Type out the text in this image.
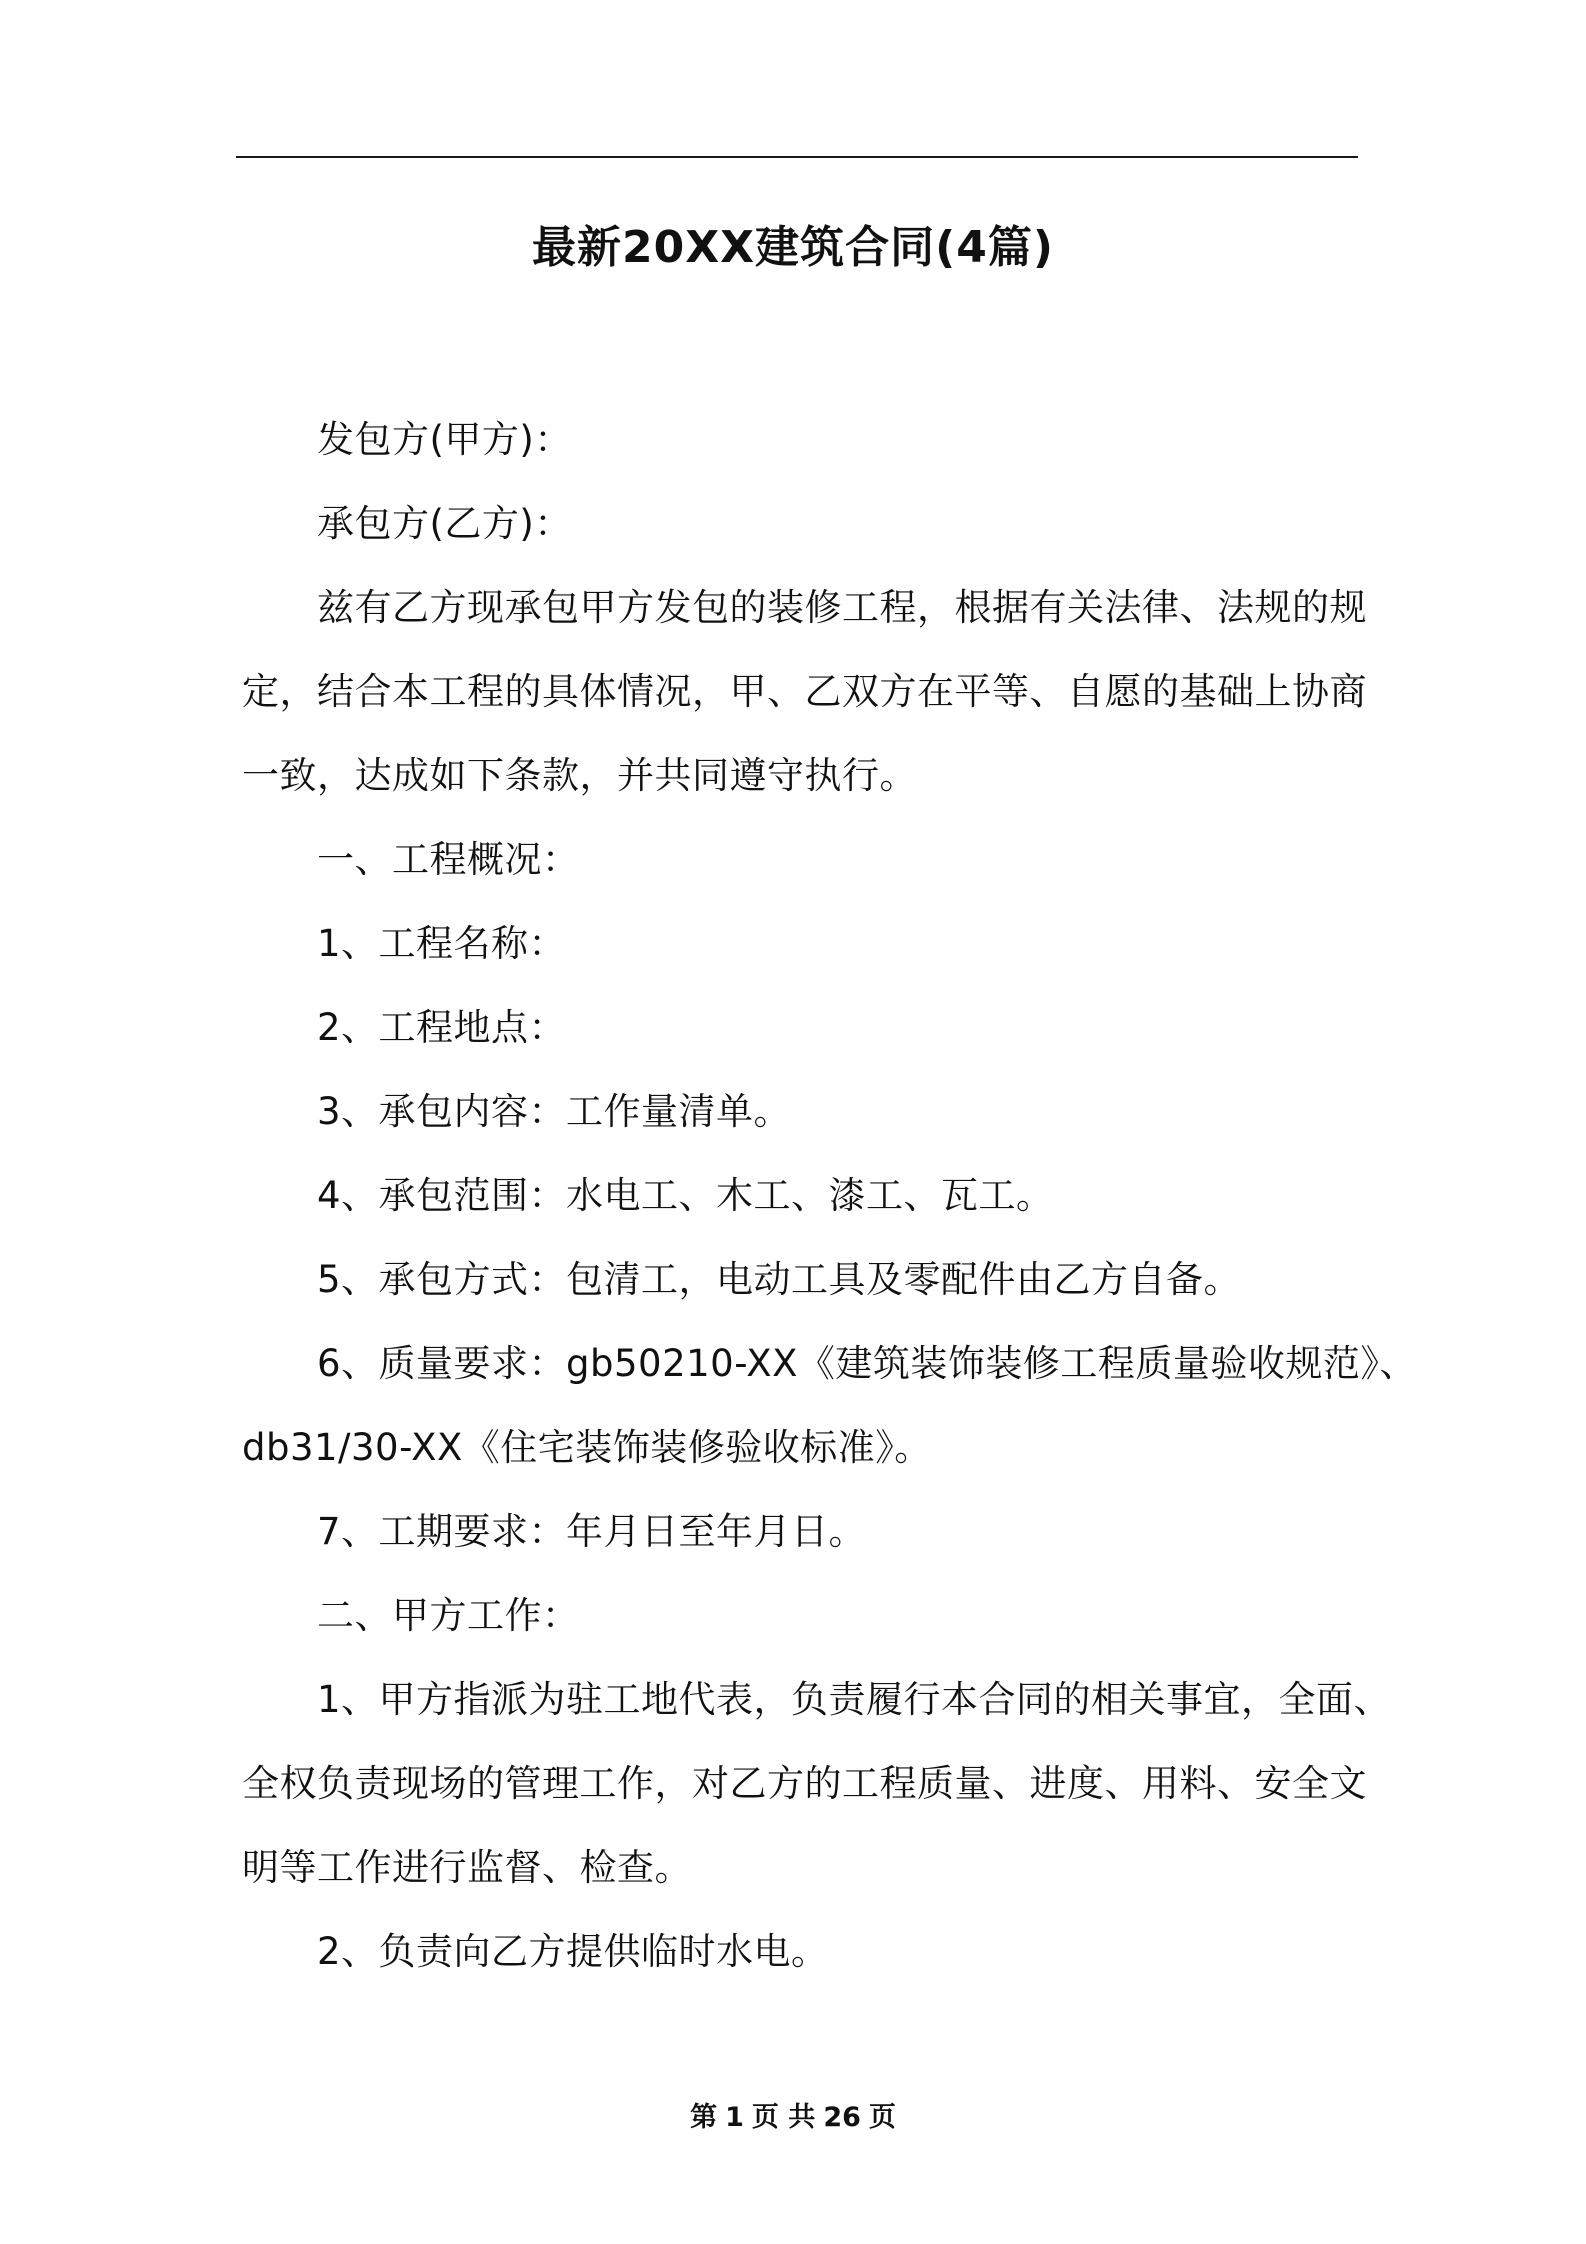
最新20XX建筑合同(4篇)
发包方(甲方)：
承包方(乙方)：
兹有乙方现承包甲方发包的装修工程，根据有关法律、法规的规
定，结合本工程的具体情况，甲、乙双方在平等、自愿的基础上协商
一致，达成如下条款，并共同遵守执行。
一、工程概况：
1、工程名称：
2、工程地点：
3、承包内容：工作量清单。
4、承包范围：水电工、木工、漆工、瓦工。
5、承包方式：包清工，电动工具及零配件由乙方自备。
6、质量要求：gb50210-XX《建筑装饰装修工程质量验收规范》、
db31/30-XX《住宅装饰装修验收标准》。
7、工期要求：年月日至年月日。
二、甲方工作：
1、甲方指派为驻工地代表，负责履行本合同的相关事宜，全面、
全权负责现场的管理工作，对乙方的工程质量、进度、用料、安全文
明等工作进行监督、检查。
2、负责向乙方提供临时水电。
第 1 页 共 26 页
